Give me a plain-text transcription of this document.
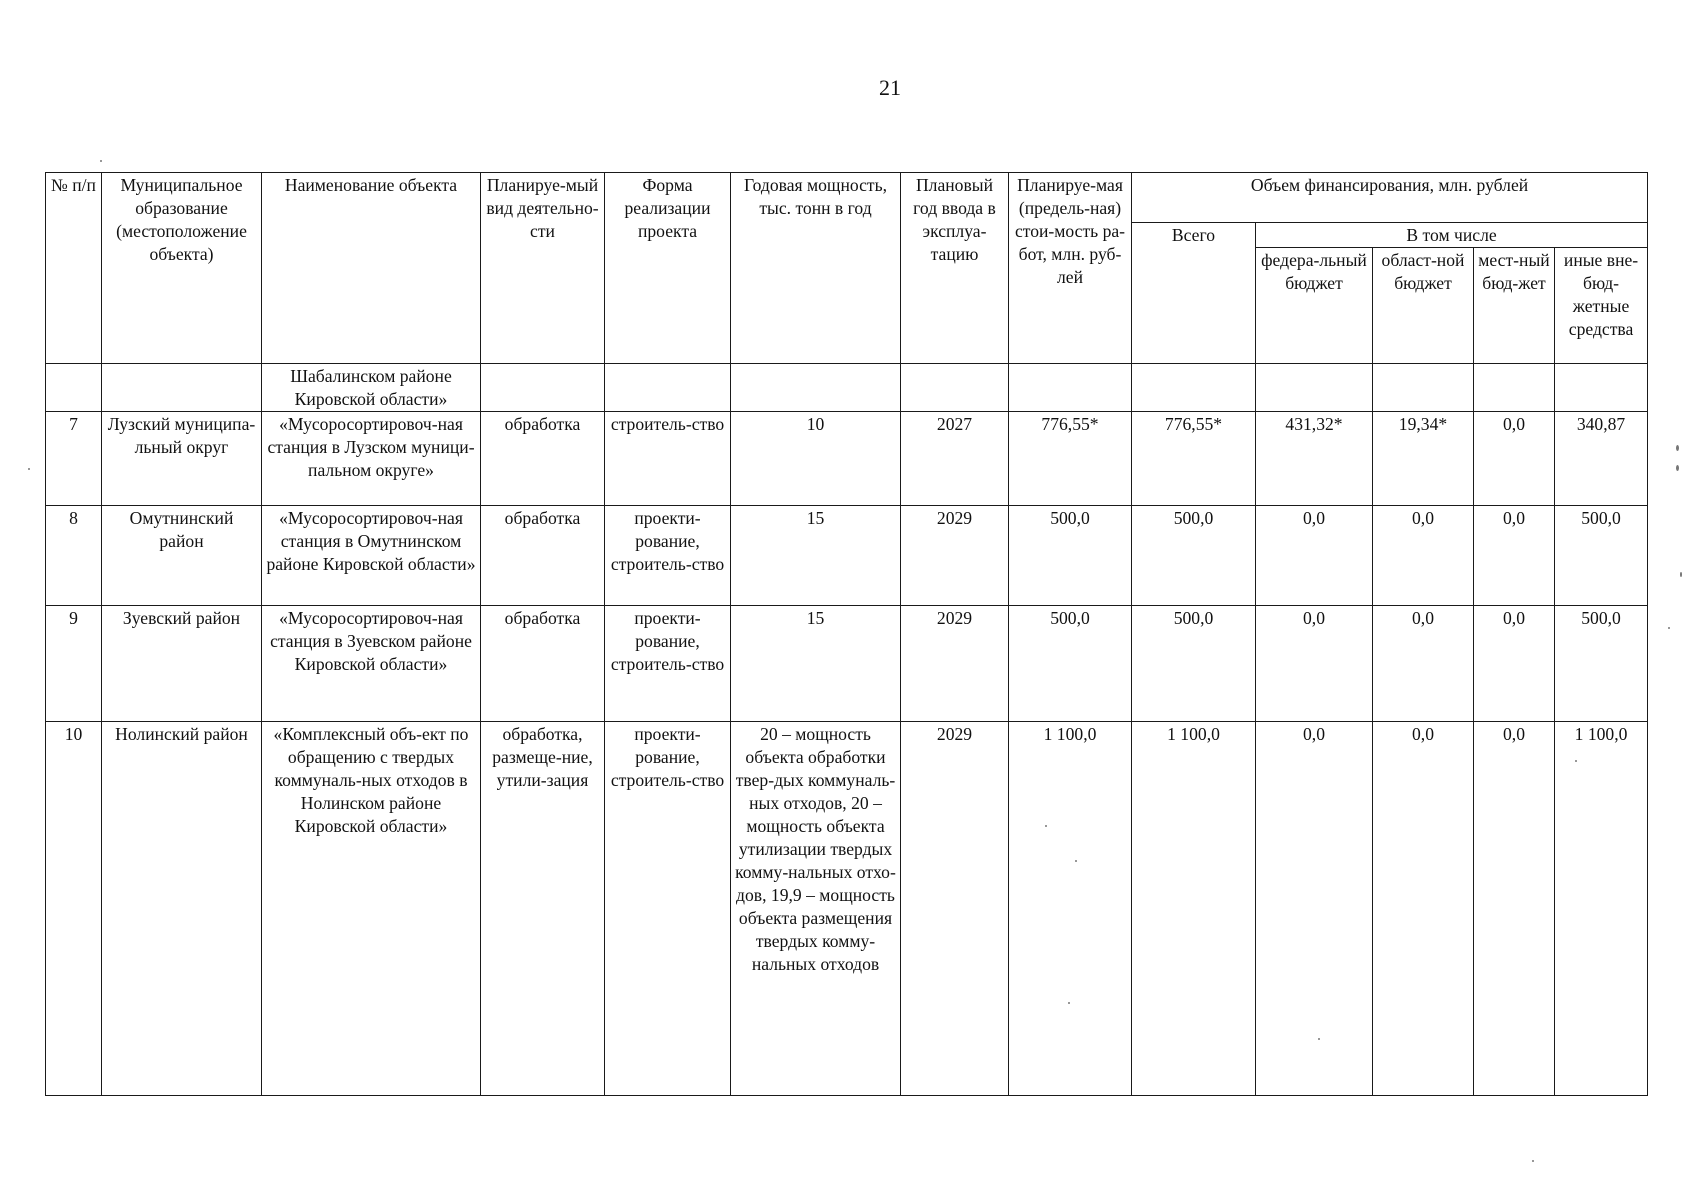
21
№ п/п	Муниципальное образование (местоположение объекта)	Наименование объекта	Планируе-мый вид деятельно-сти	Форма реализации проекта	Годовая мощность, тыс. тонн в год	Плановый год ввода в эксплуа-тацию	Планируе-мая (предель-ная) стои-мость ра-бот, млн. руб-лей	Объем финансирования, млн. рублей				
								Всего	В том числе			
									федера-льный бюджет	област-ной бюджет	мест-ный бюд-жет	иные вне-бюд-жетные средства
		Шабалинском районе Кировской области»										
7	Лузский муниципа-льный округ	«Мусоросортировоч-ная станция в Лузском муници-пальном округе»	обработка	строитель-ство	10	2027	776,55*	776,55*	431,32*	19,34*	0,0	340,87
8	Омутнинский район	«Мусоросортировоч-ная станция в Омутнинском районе Кировской области»	обработка	проекти-рование, строитель-ство	15	2029	500,0	500,0	0,0	0,0	0,0	500,0
9	Зуевский район	«Мусоросортировоч-ная станция в Зуевском районе Кировской области»	обработка	проекти-рование, строитель-ство	15	2029	500,0	500,0	0,0	0,0	0,0	500,0
10	Нолинский район	«Комплексный объ-ект по обращению с твердых коммуналь-ных отходов в Нолинском районе Кировской области»	обработка, размеще-ние, утили-зация	проекти-рование, строитель-ство	20 – мощность объекта обработки твер-дых коммуналь-ных отходов, 20 – мощность объекта утилизации твердых комму-нальных отхо-дов, 19,9 – мощность объекта размещения твердых комму-нальных отходов	2029	1 100,0	1 100,0	0,0	0,0	0,0	1 100,0
